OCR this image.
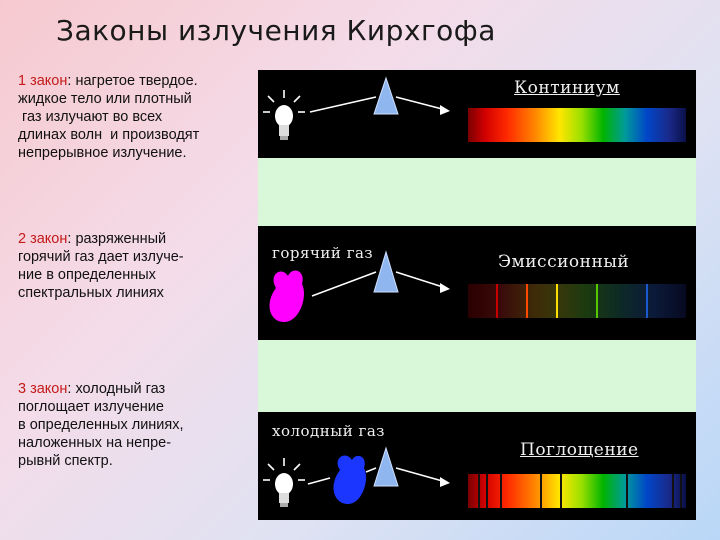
Законы излучения Кирхгофа

1 закон: нагретое твердое.

жидкое тело или плотный

газ излучают во всех

длинах волн  и производят

непрерывное излучение.

2 закон: разряженный

горячий газ дает излуче-

ние в определенных

спектральных линиях

3 закон: холодный газ

поглощает излучение

в определенных линиях,

наложенных на непре-

рывнй спектр.

Континиум
горячий газ	Эмиссионный
холодный газ
Поглощение
